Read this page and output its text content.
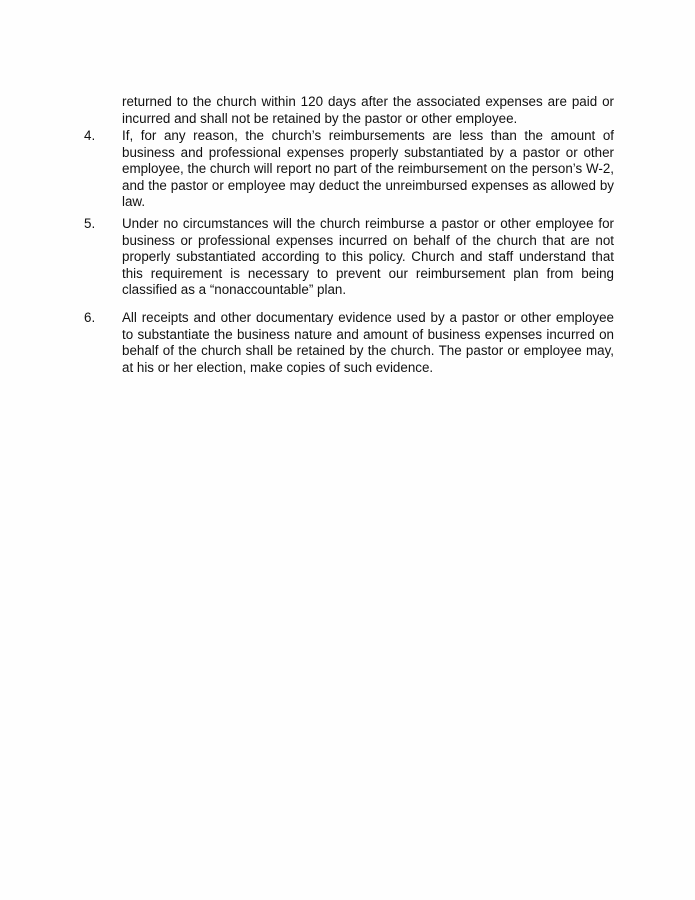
returned to the church within 120 days after the associated expenses are paid or incurred and shall not be retained by the pastor or other employee.

4.	If, for any reason, the church’s reimbursements are less than the amount of business and professional expenses properly substantiated by a pastor or other employee, the church will report no part of the reimbursement on the person’s W-2, and the pastor or employee may deduct the unreimbursed expenses as allowed by law.
5.	Under no circumstances will the church reimburse a pastor or other employee for business or professional expenses incurred on behalf of the church that are not properly substantiated according to this policy. Church and staff understand that this requirement is necessary to prevent our reimbursement plan from being classified as a “nonaccountable” plan.
6.	All receipts and other documentary evidence used by a pastor or other employee to substantiate the business nature and amount of business expenses incurred on behalf of the church shall be retained by the church. The pastor or employee may, at his or her election, make copies of such evidence.
